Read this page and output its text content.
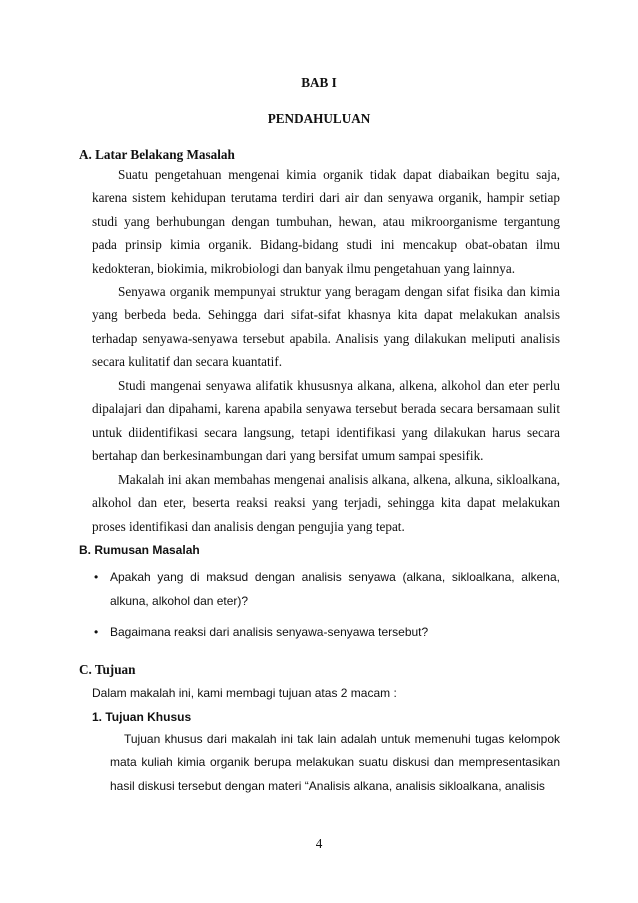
BAB I
PENDAHULUAN
A. Latar Belakang Masalah

Suatu pengetahuan mengenai kimia organik tidak dapat diabaikan begitu saja, karena sistem kehidupan terutama terdiri dari air dan senyawa organik, hampir setiap studi yang berhubungan dengan tumbuhan, hewan, atau mikroorganisme tergantung pada prinsip kimia organik. Bidang-bidang studi ini mencakup obat-obatan ilmu kedokteran, biokimia, mikrobiologi dan banyak ilmu pengetahuan yang lainnya.

Senyawa organik mempunyai struktur yang beragam dengan sifat fisika dan kimia yang berbeda beda. Sehingga dari sifat-sifat khasnya kita dapat melakukan analsis terhadap senyawa-senyawa tersebut apabila. Analisis yang dilakukan meliputi analisis secara kulitatif dan secara kuantatif.

Studi mangenai senyawa alifatik khususnya alkana, alkena, alkohol dan eter perlu dipalajari dan dipahami, karena apabila senyawa tersebut berada secara bersamaan sulit untuk diidentifikasi secara langsung, tetapi identifikasi yang dilakukan harus secara bertahap dan berkesinambungan dari yang bersifat umum sampai spesifik.

Makalah ini akan membahas mengenai analisis alkana, alkena, alkuna, sikloalkana, alkohol dan eter, beserta reaksi reaksi yang terjadi, sehingga kita dapat melakukan proses identifikasi dan analisis dengan pengujia yang tepat.

B. Rumusan Masalah
• Apakah yang di maksud dengan analisis senyawa (alkana, sikloalkana, alkena, alkuna, alkohol dan eter)?
• Bagaimana reaksi dari analisis senyawa-senyawa tersebut?
C. Tujuan
Dalam makalah ini, kami membagi tujuan atas 2 macam :
1. Tujuan Khusus

Tujuan khusus dari makalah ini tak lain adalah untuk memenuhi tugas kelompok mata kuliah kimia organik berupa melakukan suatu diskusi dan mempresentasikan hasil diskusi tersebut dengan materi “Analisis alkana, analisis sikloalkana, analisis

4
